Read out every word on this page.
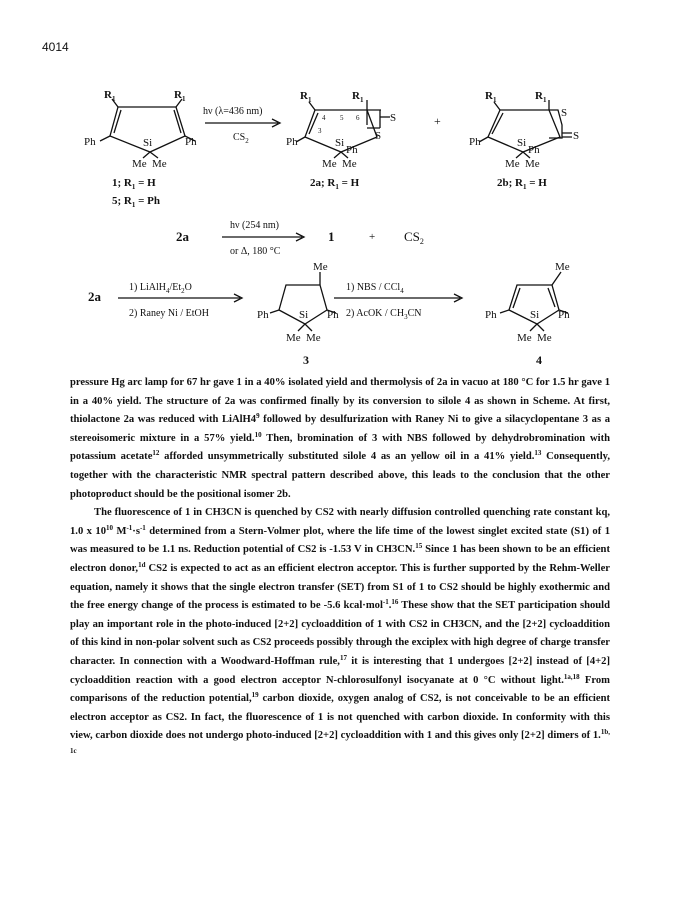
4014
$R_1$	$R_1$
Ph	Ph
Si
Me Me
1; $R_1 = H$
5; $R_1 = Ph$
hν (λ=436 nm)
$CS_2$
$R_1$	$R_1$
S
S
4 5 6
3
Ph	Si
Ph
Me Me
2a; $R_1 = H$
+
$R_1$	$R_1$
S
S
Ph	Si
Ph
Me Me
2b; $R_1 = H$
2a
hν (254 nm)
or Δ, 180 °C
1	+ $CS_2$
2a
1) $LiAlH_4/Et_2O$
2) Raney Ni / EtOH
Me
Ph	Si Ph
Me Me
3
1) NBS / CCl$_4$
2) AcOK / $CH_3CN$
Me
Ph	Si Ph
Me Me
4

pressure Hg arc lamp for 67 hr gave 1 in a 40% isolated yield and thermolysis of 2a in vacuo at 180 °C for 1.5 hr gave 1 in a 40% yield. The structure of 2a was confirmed finally by its conversion to silole 4 as shown in Scheme. At first, thiolactone 2a was reduced with $LiAlH4^9$ followed by desulfurization with Raney Ni to give a silacyclopentane 3 as a stereoisomeric mixture in a 57% yield.$^{10}$ Then, bromination of 3 with NBS followed by dehydrobromination with potassium acetate$^{12}$ afforded unsymmetrically substituted silole 4 as an yellow oil in a 41% yield.$^{13}$ Consequently, together with the characteristic NMR spectral pattern described above, this leads to the conclusion that the other photoproduct should be the positional isomer 2b.

The fluorescence of 1 in CH3CN is quenched by CS2 with nearly diffusion controlled quenching rate constant kq, 1.0 x $10^{10}$ $M^{-1}\cdot s^{-1}$ determined from a Stern-Volmer plot, where the life time of the lowest singlet excited state (S1) of 1 was measured to be 1.1 ns. Reduction potential of CS2 is -1.53 V in CH3CN.$^{15}$ Since 1 has been shown to be an efficient electron donor,$^{1d}$ CS2 is expected to act as an efficient electron acceptor. This is further supported by the Rehm-Weller equation, namely it shows that the single electron transfer (SET) from S1 of 1 to CS2 should be highly exothermic and the free energy change of the process is estimated to be -5.6 kcal·mol$^{-1}$.$^{16}$ These show that the SET participation should play an important role in the photo-induced [2+2] cycloaddition of 1 with CS2 in CH3CN, and the [2+2] cycloaddition of this kind in non-polar solvent such as CS2 proceeds possibly through the exciplex with high degree of charge transfer character. In connection with a Woodward-Hoffman rule,$^{17}$ it is interesting that 1 undergoes [2+2] instead of [4+2] cycloaddition reaction with a good electron acceptor N-chlorosulfonyl isocyanate at 0 °C without light.$^{1a,18}$ From comparisons of the reduction potential,$^{19}$ carbon dioxide, oxygen analog of CS2, is not conceivable to be an efficient electron acceptor as CS2. In fact, the fluorescence of 1 is not quenched with carbon dioxide. In conformity with this view, carbon dioxide does not undergo photo-induced [2+2] cycloaddition with 1 and this gives only [2+2] dimers of 1.$^{1b, 1c}$
